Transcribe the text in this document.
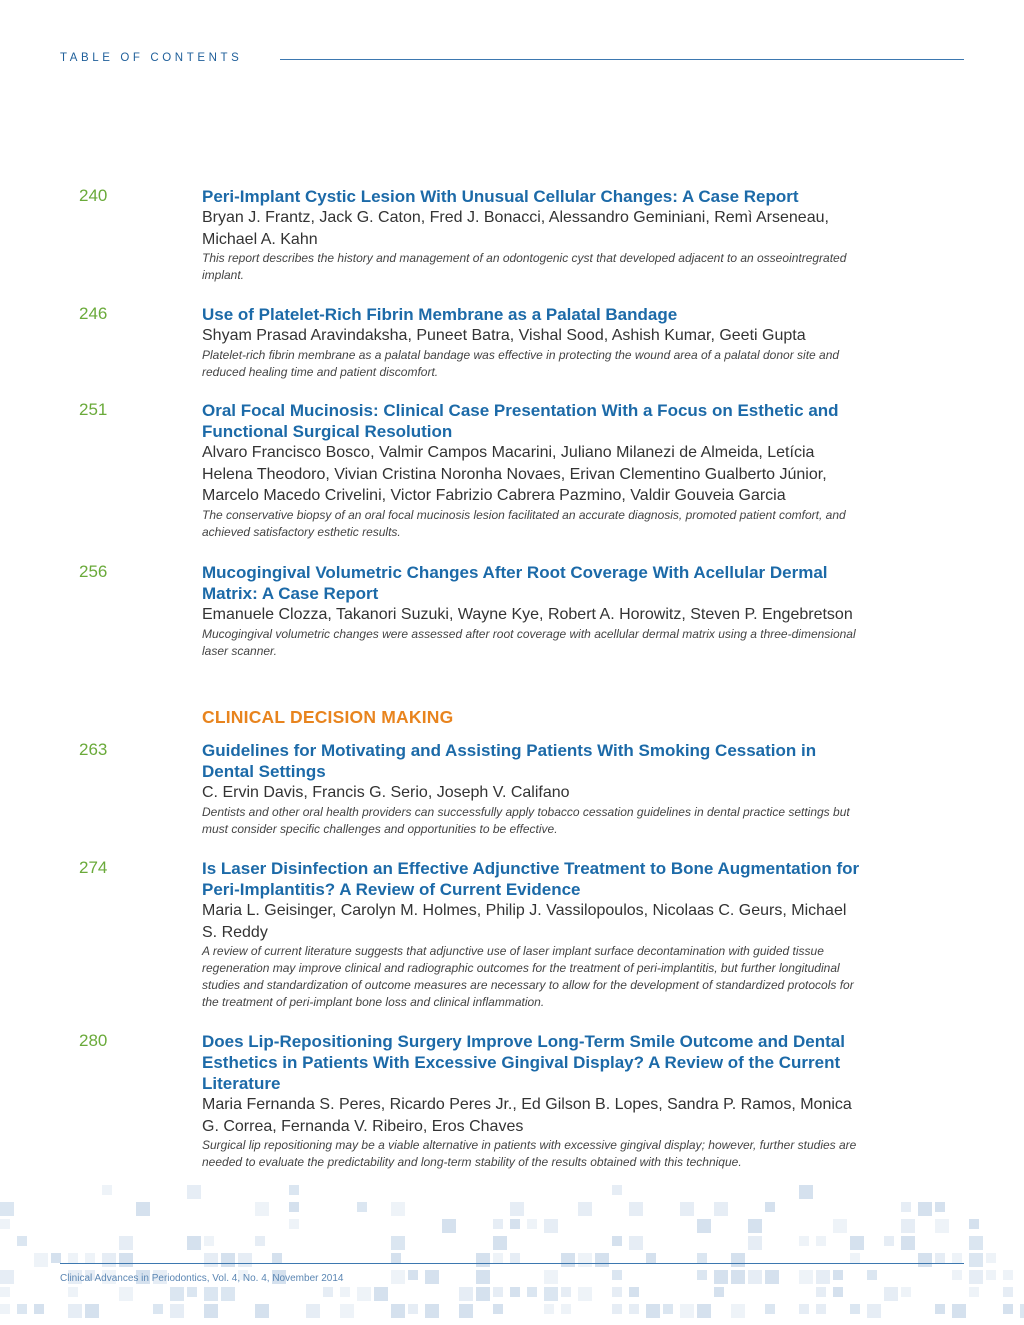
TABLE OF CONTENTS
240	Peri-Implant Cystic Lesion With Unusual Cellular Changes: A Case Report

Bryan J. Frantz, Jack G. Caton, Fred J. Bonacci, Alessandro Geminiani, Remì Arseneau, Michael A. Kahn

This report describes the history and management of an odontogenic cyst that developed adjacent to an osseointregrated implant.

246	Use of Platelet-Rich Fibrin Membrane as a Palatal Bandage

Shyam Prasad Aravindaksha, Puneet Batra, Vishal Sood, Ashish Kumar, Geeti Gupta

Platelet-rich fibrin membrane as a palatal bandage was effective in protecting the wound area of a palatal donor site and reduced healing time and patient discomfort.

251	Oral Focal Mucinosis: Clinical Case Presentation With a Focus on Esthetic and Functional Surgical Resolution

Alvaro Francisco Bosco, Valmir Campos Macarini, Juliano Milanezi de Almeida, Letícia Helena Theodoro, Vivian Cristina Noronha Novaes, Erivan Clementino Gualberto Júnior, Marcelo Macedo Crivelini, Victor Fabrizio Cabrera Pazmino, Valdir Gouveia Garcia

The conservative biopsy of an oral focal mucinosis lesion facilitated an accurate diagnosis, promoted patient comfort, and achieved satisfactory esthetic results.

256	Mucogingival Volumetric Changes After Root Coverage With Acellular Dermal Matrix: A Case Report

Emanuele Clozza, Takanori Suzuki, Wayne Kye, Robert A. Horowitz, Steven P. Engebretson

Mucogingival volumetric changes were assessed after root coverage with acellular dermal matrix using a three-dimensional laser scanner.

CLINICAL DECISION MAKING
263	Guidelines for Motivating and Assisting Patients With Smoking Cessation in Dental Settings

C. Ervin Davis, Francis G. Serio, Joseph V. Califano

Dentists and other oral health providers can successfully apply tobacco cessation guidelines in dental practice settings but must consider specific challenges and opportunities to be effective.

274	Is Laser Disinfection an Effective Adjunctive Treatment to Bone Augmentation for Peri-Implantitis? A Review of Current Evidence

Maria L. Geisinger, Carolyn M. Holmes, Philip J. Vassilopoulos, Nicolaas C. Geurs, Michael S. Reddy

A review of current literature suggests that adjunctive use of laser implant surface decontamination with guided tissue regeneration may improve clinical and radiographic outcomes for the treatment of peri-implantitis, but further longitudinal studies and standardization of outcome measures are necessary to allow for the development of standardized protocols for the treatment of peri-implant bone loss and clinical inflammation.

280	Does Lip-Repositioning Surgery Improve Long-Term Smile Outcome and Dental Esthetics in Patients With Excessive Gingival Display? A Review of the Current Literature

Maria Fernanda S. Peres, Ricardo Peres Jr., Ed Gilson B. Lopes, Sandra P. Ramos, Monica G. Correa, Fernanda V. Ribeiro, Eros Chaves

Surgical lip repositioning may be a viable alternative in patients with excessive gingival display; however, further studies are needed to evaluate the predictability and long-term stability of the results obtained with this technique.

Clinical Advances in Periodontics, Vol. 4, No. 4, November 2014
